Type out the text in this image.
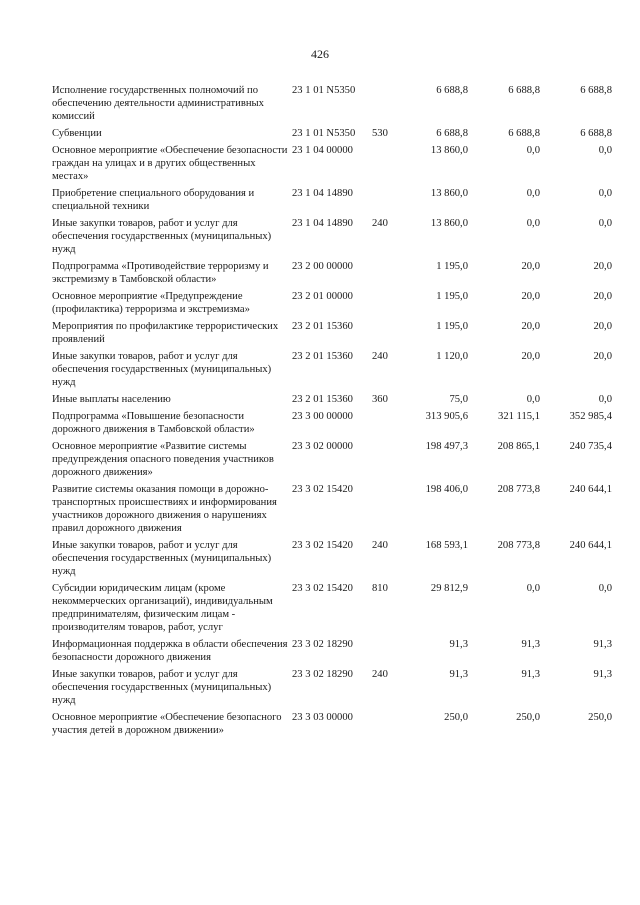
426
Исполнение государственных полномочий по обеспечению деятельности административных комиссий	23 1 01 N5350		6 688,8	6 688,8	6 688,8
Субвенции	23 1 01 N5350	530	6 688,8	6 688,8	6 688,8
Основное мероприятие «Обеспечение безопасности граждан на улицах и в других общественных местах»	23 1 04 00000		13 860,0	0,0	0,0
Приобретение специального оборудования и специальной техники	23 1 04 14890		13 860,0	0,0	0,0
Иные закупки товаров, работ и услуг для обеспечения государственных (муниципальных) нужд	23 1 04 14890	240	13 860,0	0,0	0,0
Подпрограмма «Противодействие терроризму и экстремизму в Тамбовской области»	23 2 00 00000		1 195,0	20,0	20,0
Основное мероприятие «Предупреждение (профилактика) терроризма и экстремизма»	23 2 01 00000		1 195,0	20,0	20,0
Мероприятия по профилактике террористических проявлений	23 2 01 15360		1 195,0	20,0	20,0
Иные закупки товаров, работ и услуг для обеспечения государственных (муниципальных) нужд	23 2 01 15360	240	1 120,0	20,0	20,0
Иные выплаты населению	23 2 01 15360	360	75,0	0,0	0,0
Подпрограмма «Повышение безопасности дорожного движения в Тамбовской области»	23 3 00 00000		313 905,6	321 115,1	352 985,4
Основное мероприятие «Развитие системы предупреждения опасного поведения участников дорожного движения»	23 3 02 00000		198 497,3	208 865,1	240 735,4
Развитие системы оказания помощи в дорожно-транспортных происшествиях и информирования участников дорожного движения о нарушениях правил дорожного движения	23 3 02 15420		198 406,0	208 773,8	240 644,1
Иные закупки товаров, работ и услуг для обеспечения государственных (муниципальных) нужд	23 3 02 15420	240	168 593,1	208 773,8	240 644,1
Субсидии юридическим лицам (кроме некоммерческих организаций), индивидуальным предпринимателям, физическим лицам - производителям товаров, работ, услуг	23 3 02 15420	810	29 812,9	0,0	0,0
Информационная поддержка в области обеспечения безопасности дорожного движения	23 3 02 18290		91,3	91,3	91,3
Иные закупки товаров, работ и услуг для обеспечения государственных (муниципальных) нужд	23 3 02 18290	240	91,3	91,3	91,3
Основное мероприятие «Обеспечение безопасного участия детей в дорожном движении»	23 3 03 00000		250,0	250,0	250,0
